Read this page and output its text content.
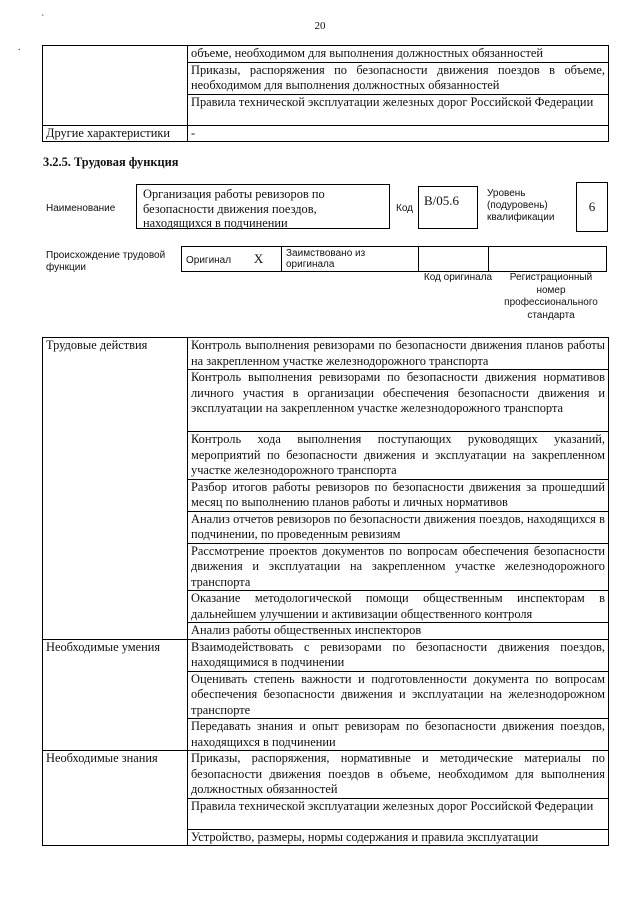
`
.
20
	объеме, необходимом для выполнения должностных обязанностей
	Приказы, распоряжения по безопасности движения поездов в объеме, необходимом для выполнения должностных обязанностей
	Правила технической эксплуатации железных дорог Российской Федерации
Другие характеристики	-
3.2.5. Трудовая функция
Наименование
Организация работы ревизоров по безопасности движения поездов, находящихся в подчинении
Код
B/05.6	Уровень (подуровень) квалификации
6
Происхождение трудовой функции
Оригинал X	Заимствовано из оригинала		
Код оригинала	Регистрационный номер профессионального стандарта
Трудовые действия	Контроль выполнения ревизорами по безопасности движения планов работы на закрепленном участке железнодорожного транспорта
	Контроль выполнения ревизорами по безопасности движения нормативов личного участия в организации обеспечения безопасности движения и эксплуатации на закрепленном участке железнодорожного транспорта
	Контроль хода выполнения поступающих руководящих указаний, мероприятий по безопасности движения и эксплуатации на закрепленном участке железнодорожного транспорта
	Разбор итогов работы ревизоров по безопасности движения за прошедший месяц по выполнению планов работы и личных нормативов
	Анализ отчетов ревизоров по безопасности движения поездов, находящихся в подчинении, по проведенным ревизиям
	Рассмотрение проектов документов по вопросам обеспечения безопасности движения и эксплуатации на закрепленном участке железнодорожного транспорта
	Оказание методологической помощи общественным инспекторам в дальнейшем улучшении и активизации общественного контроля
	Анализ работы общественных инспекторов
Необходимые умения	Взаимодействовать с ревизорами по безопасности движения поездов, находящимися в подчинении
	Оценивать степень важности и подготовленности документа по вопросам обеспечения безопасности движения и эксплуатации на железнодорожном транспорте
	Передавать знания и опыт ревизорам по безопасности движения поездов, находящихся в подчинении
Необходимые знания	Приказы, распоряжения, нормативные и методические материалы по безопасности движения поездов в объеме, необходимом для выполнения должностных обязанностей
	Правила технической эксплуатации железных дорог Российской Федерации
	Устройство, размеры, нормы содержания и правила эксплуатации
